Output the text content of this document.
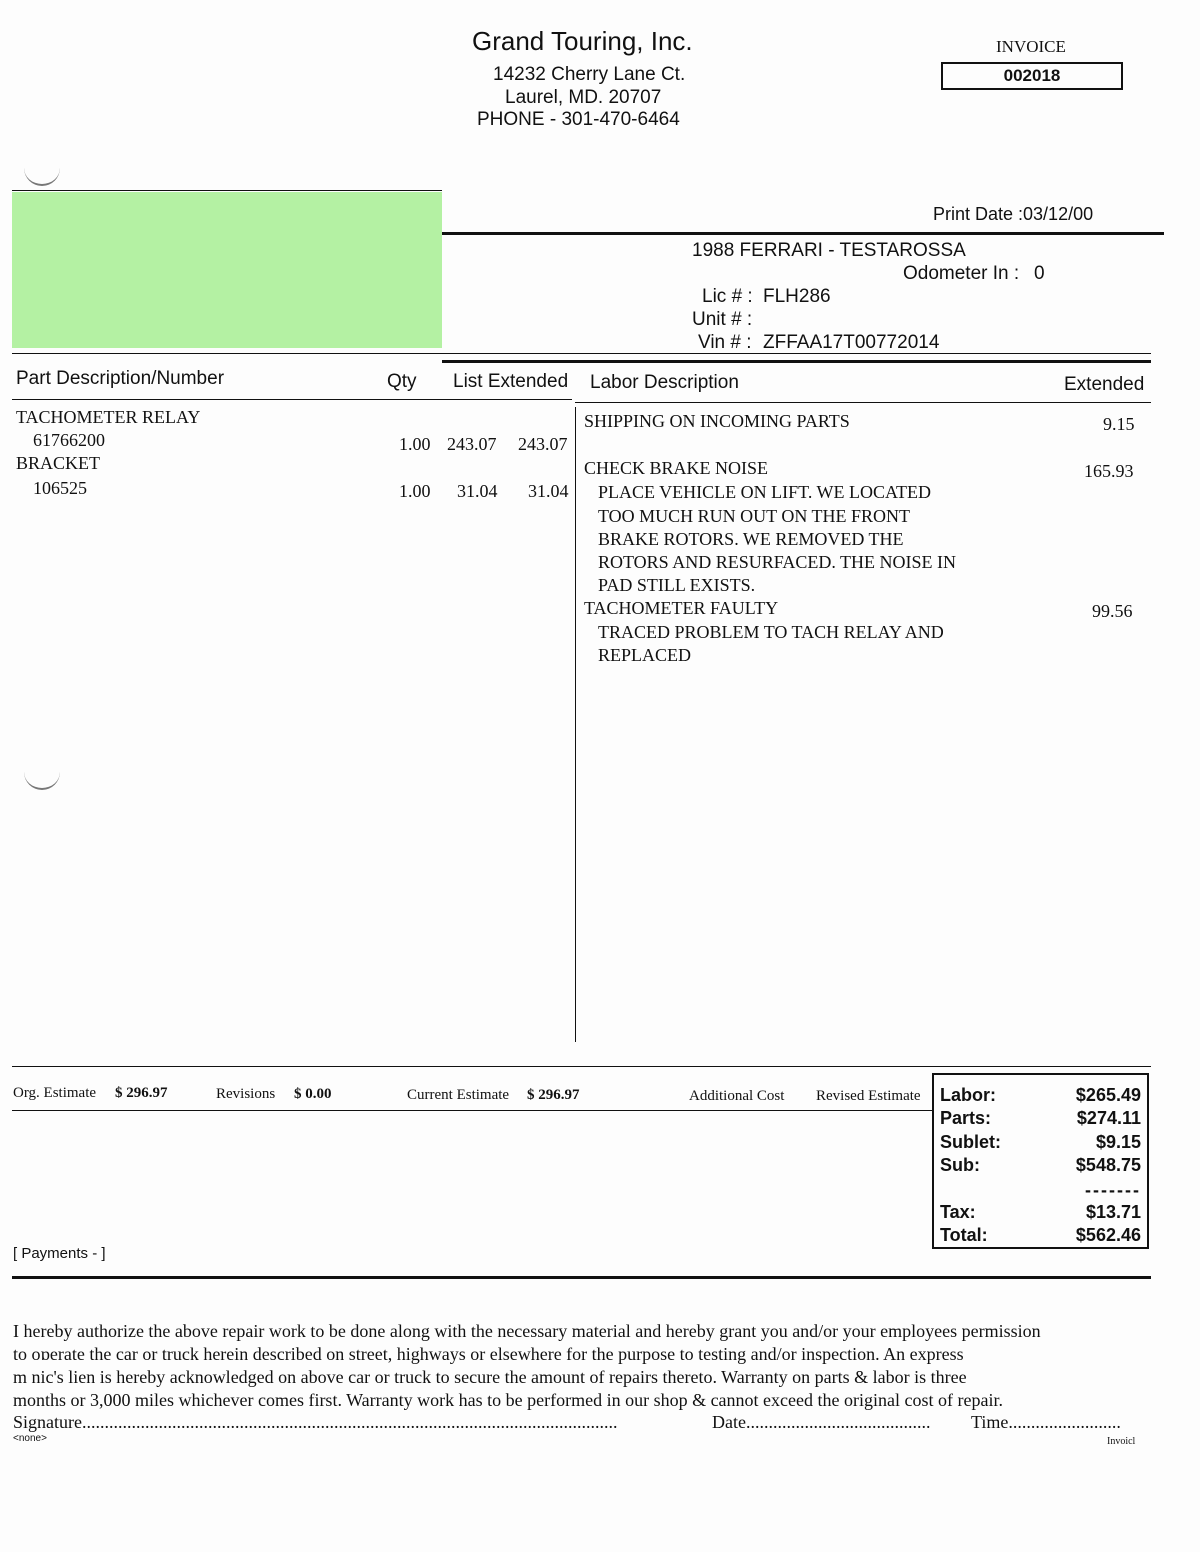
Grand Touring, Inc.
14232 Cherry Lane Ct.
Laurel, MD. 20707
PHONE - 301-470-6464
INVOICE
002018
Print Date :03/12/00
1988 FERRARI - TESTAROSSA
Odometer In : 0
Lic # : FLH286
Unit # :
Vin # : ZFFAA17T00772014
Part Description/Number	Qty List Extended Labor Description	Extended
TACHOMETER RELAY
61766200	1.00 243.07 243.07
BRACKET
106525	1.00 31.04 31.04
SHIPPING ON INCOMING PARTS	9.15
CHECK BRAKE NOISE	165.93
PLACE VEHICLE ON LIFT. WE LOCATED
TOO MUCH RUN OUT ON THE FRONT
BRAKE ROTORS. WE REMOVED THE
ROTORS AND RESURFACED. THE NOISE IN
PAD STILL EXISTS.
TACHOMETER FAULTY	99.56
TRACED PROBLEM TO TACH RELAY AND
REPLACED
Org. Estimate $ 296.97	Revisions $ 0.00	Current Estimate $ 296.97	Additional Cost Revised Estimate Labor:	$265.49
Parts:	$274.11
Sublet:	$9.15
Sub:	$548.75
-------
Tax:	$13.71
Total:	$562.46
[ Payments - ]
I hereby authorize the above repair work to be done along with the necessary material and hereby grant you and/or your employees permission
to oɒerate the car or truck herein described on street, highways or elsewhere for the purpose to testing and/or inspection. An express
m nic's lien is hereby acknowledged on above car or truck to secure the amount of repairs thereto. Warranty on parts & labor is three
months or 3,000 miles whichever comes first. Warranty work has to be performed in our shop & cannot exceed the original cost of repair.
Signature.......................................................................................................................	Date......................................... Time.........................
<none>	Invoicl
